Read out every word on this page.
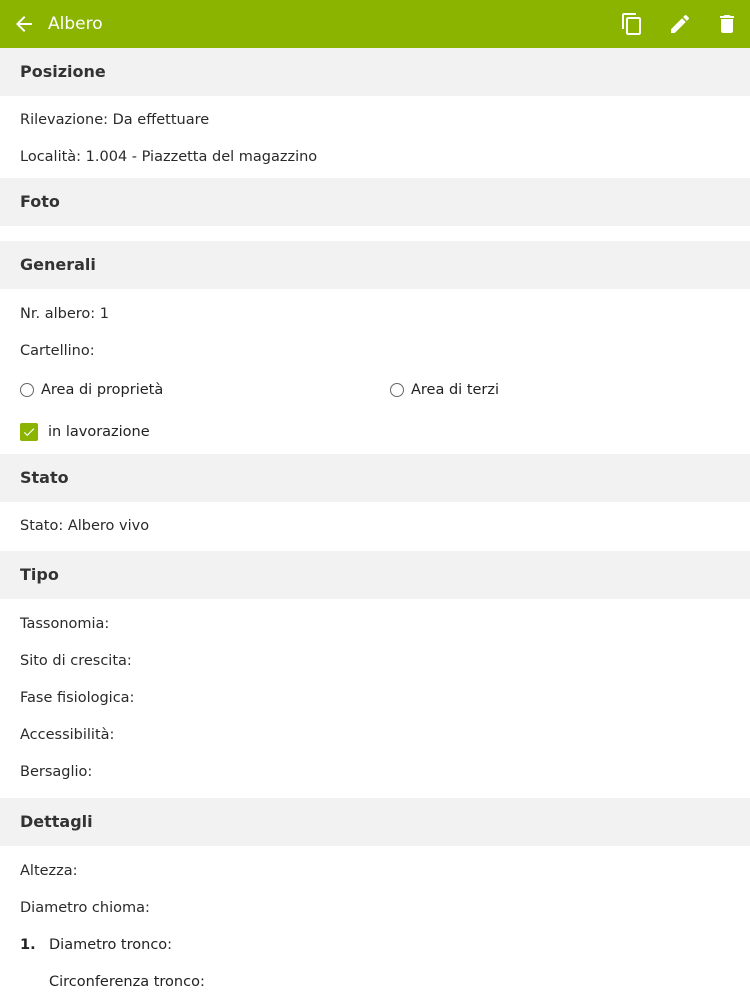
Albero
Posizione
Rilevazione: Da effettuare
Località: 1.004 - Piazzetta del magazzino
Foto
Generali
Nr. albero: 1
Cartellino:
Area di proprietà	Area di terzi
in lavorazione
Stato
Stato: Albero vivo
Tipo
Tassonomia:
Sito di crescita:
Fase fisiologica:
Accessibilità:
Bersaglio:
Dettagli
Altezza:
Diametro chioma:
1. Diametro tronco:
Circonferenza tronco:
